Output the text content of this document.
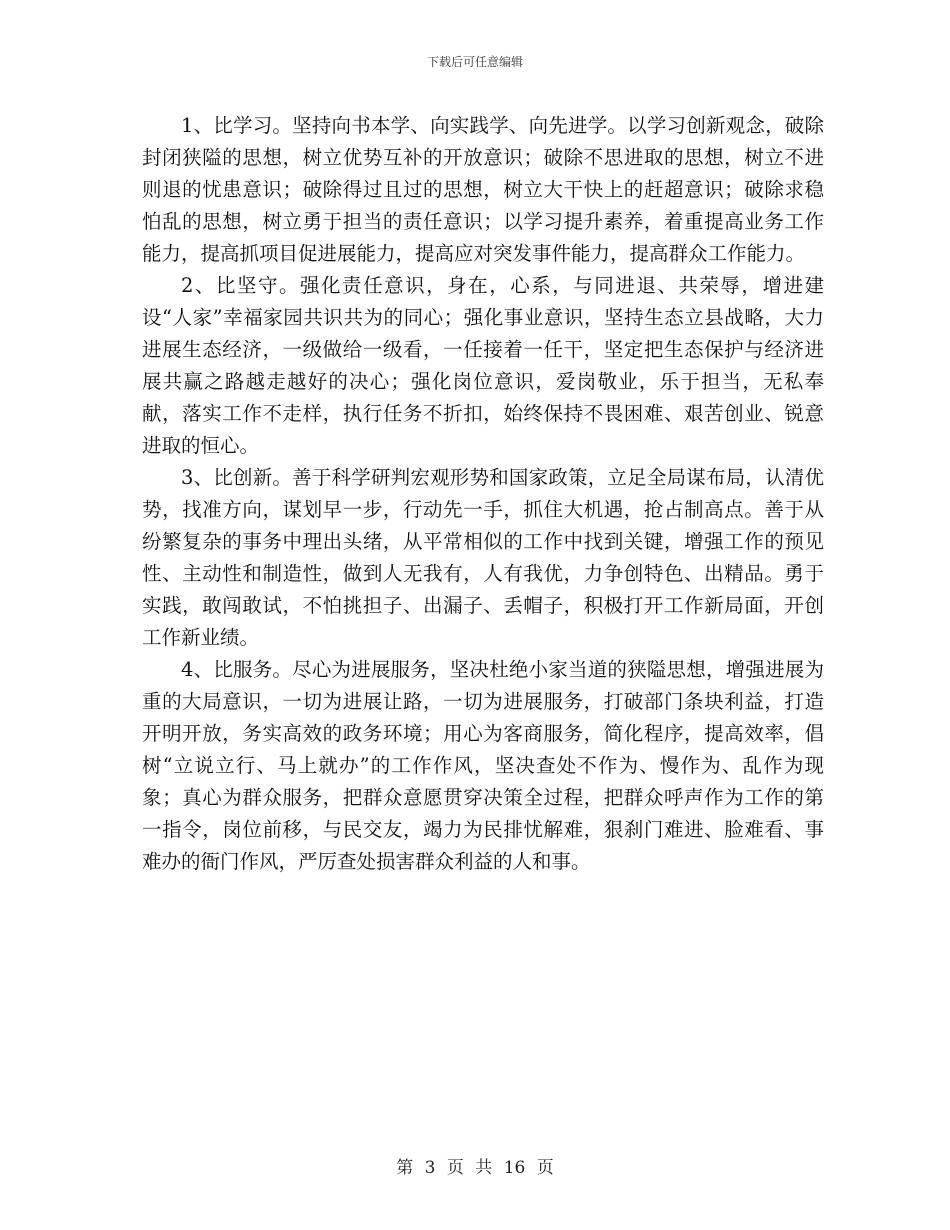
下载后可任意编辑

1、比学习。坚持向书本学、向实践学、向先进学。以学习创新观念，破除封闭狭隘的思想，树立优势互补的开放意识；破除不思进取的思想，树立不进则退的忧患意识；破除得过且过的思想，树立大干快上的赶超意识；破除求稳怕乱的思想，树立勇于担当的责任意识；以学习提升素养，着重提高业务工作能力，提高抓项目促进展能力，提高应对突发事件能力，提高群众工作能力。

2、比坚守。强化责任意识，身在，心系，与同进退、共荣辱，增进建设“人家”幸福家园共识共为的同心；强化事业意识，坚持生态立县战略，大力进展生态经济，一级做给一级看，一任接着一任干，坚定把生态保护与经济进展共赢之路越走越好的决心；强化岗位意识，爱岗敬业，乐于担当，无私奉献，落实工作不走样，执行任务不折扣，始终保持不畏困难、艰苦创业、锐意进取的恒心。

3、比创新。善于科学研判宏观形势和国家政策，立足全局谋布局，认清优势，找准方向，谋划早一步，行动先一手，抓住大机遇，抢占制高点。善于从纷繁复杂的事务中理出头绪，从平常相似的工作中找到关键，增强工作的预见性、主动性和制造性，做到人无我有，人有我优，力争创特色、出精品。勇于实践，敢闯敢试，不怕挑担子、出漏子、丢帽子，积极打开工作新局面，开创工作新业绩。

4、比服务。尽心为进展服务，坚决杜绝小家当道的狭隘思想，增强进展为重的大局意识，一切为进展让路，一切为进展服务，打破部门条块利益，打造开明开放，务实高效的政务环境；用心为客商服务，简化程序，提高效率，倡树“立说立行、马上就办”的工作作风，坚决查处不作为、慢作为、乱作为现象；真心为群众服务，把群众意愿贯穿决策全过程，把群众呼声作为工作的第一指令，岗位前移，与民交友，竭力为民排忧解难，狠刹门难进、脸难看、事难办的衙门作风，严厉查处损害群众利益的人和事。

第 3 页 共 16 页
